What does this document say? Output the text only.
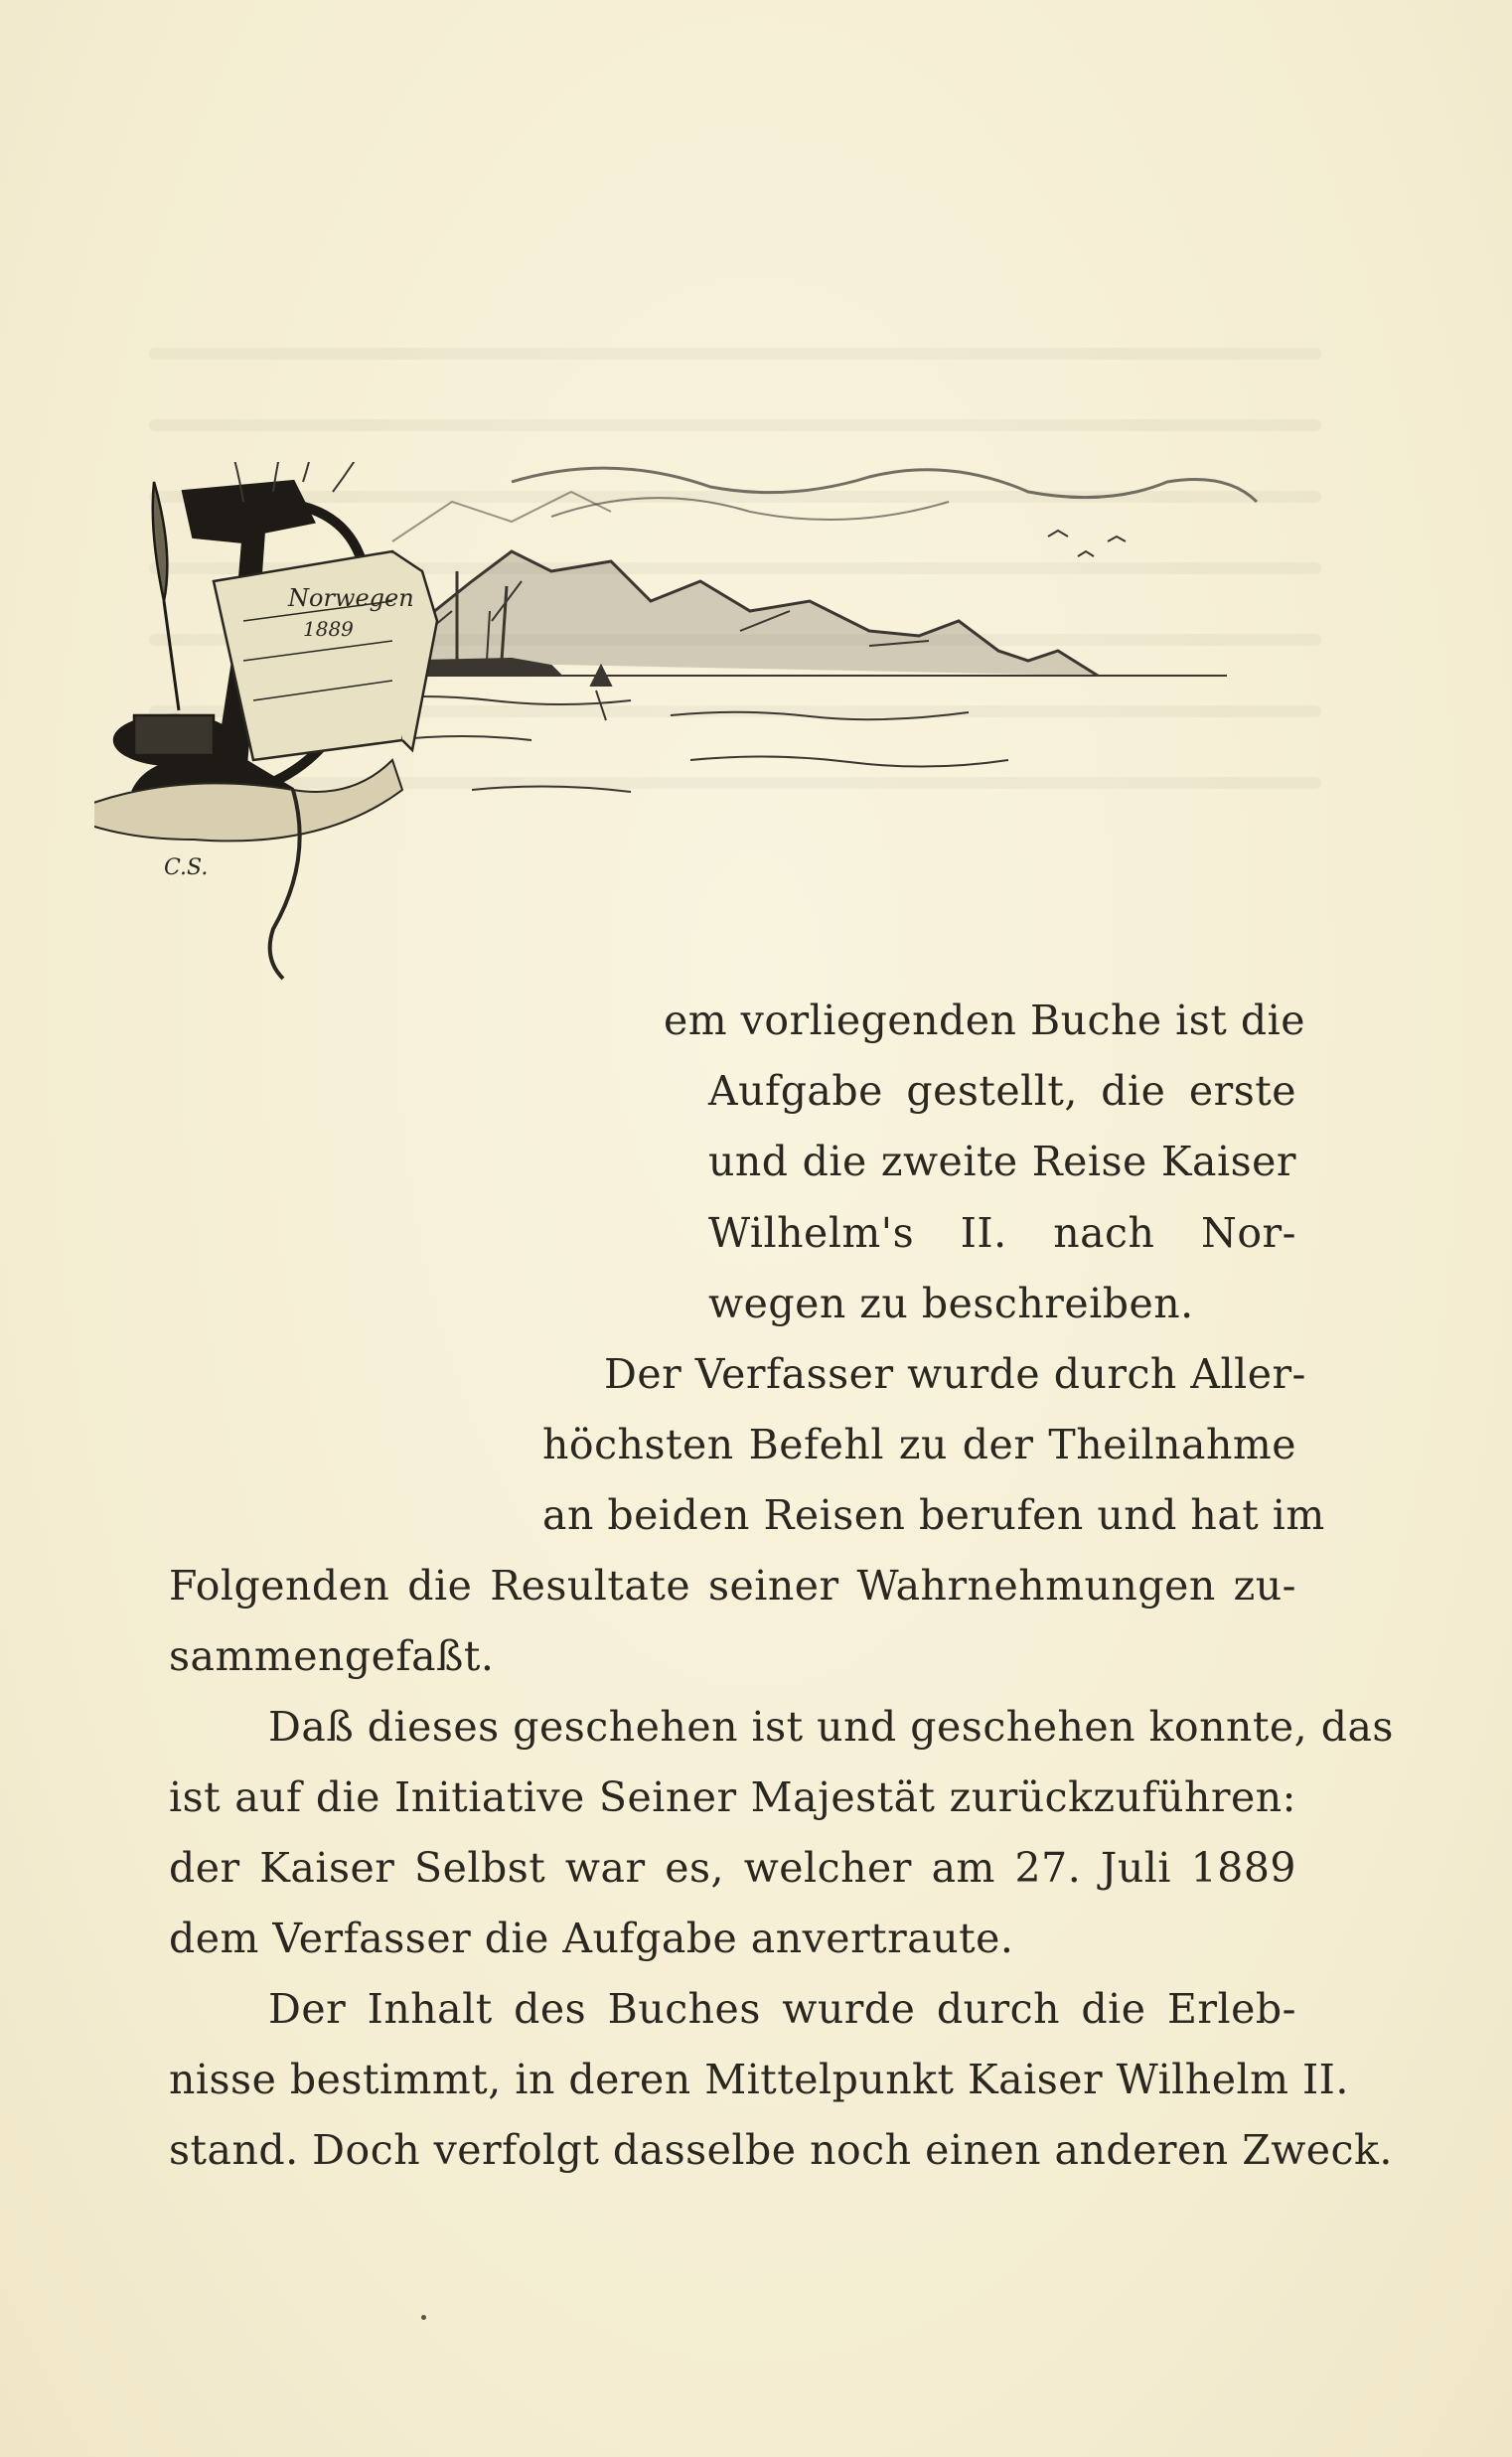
Norwegen
1889
C.S.
em vorliegenden Buche ist die
Aufgabe gestellt, die erste
und die zweite Reise Kaiser
Wilhelm's II. nach Nor-
wegen zu beschreiben.
Der Verfasser wurde durch Aller-
höchsten Befehl zu der Theilnahme
an beiden Reisen berufen und hat im
Folgenden die Resultate seiner Wahrnehmungen zu-
sammengefaßt.
Daß dieses geschehen ist und geschehen konnte, das
ist auf die Initiative Seiner Majestät zurückzuführen:
der Kaiser Selbst war es, welcher am 27. Juli 1889
dem Verfasser die Aufgabe anvertraute.
Der Inhalt des Buches wurde durch die Erleb-
nisse bestimmt, in deren Mittelpunkt Kaiser Wilhelm II.
stand. Doch verfolgt dasselbe noch einen anderen Zweck.
